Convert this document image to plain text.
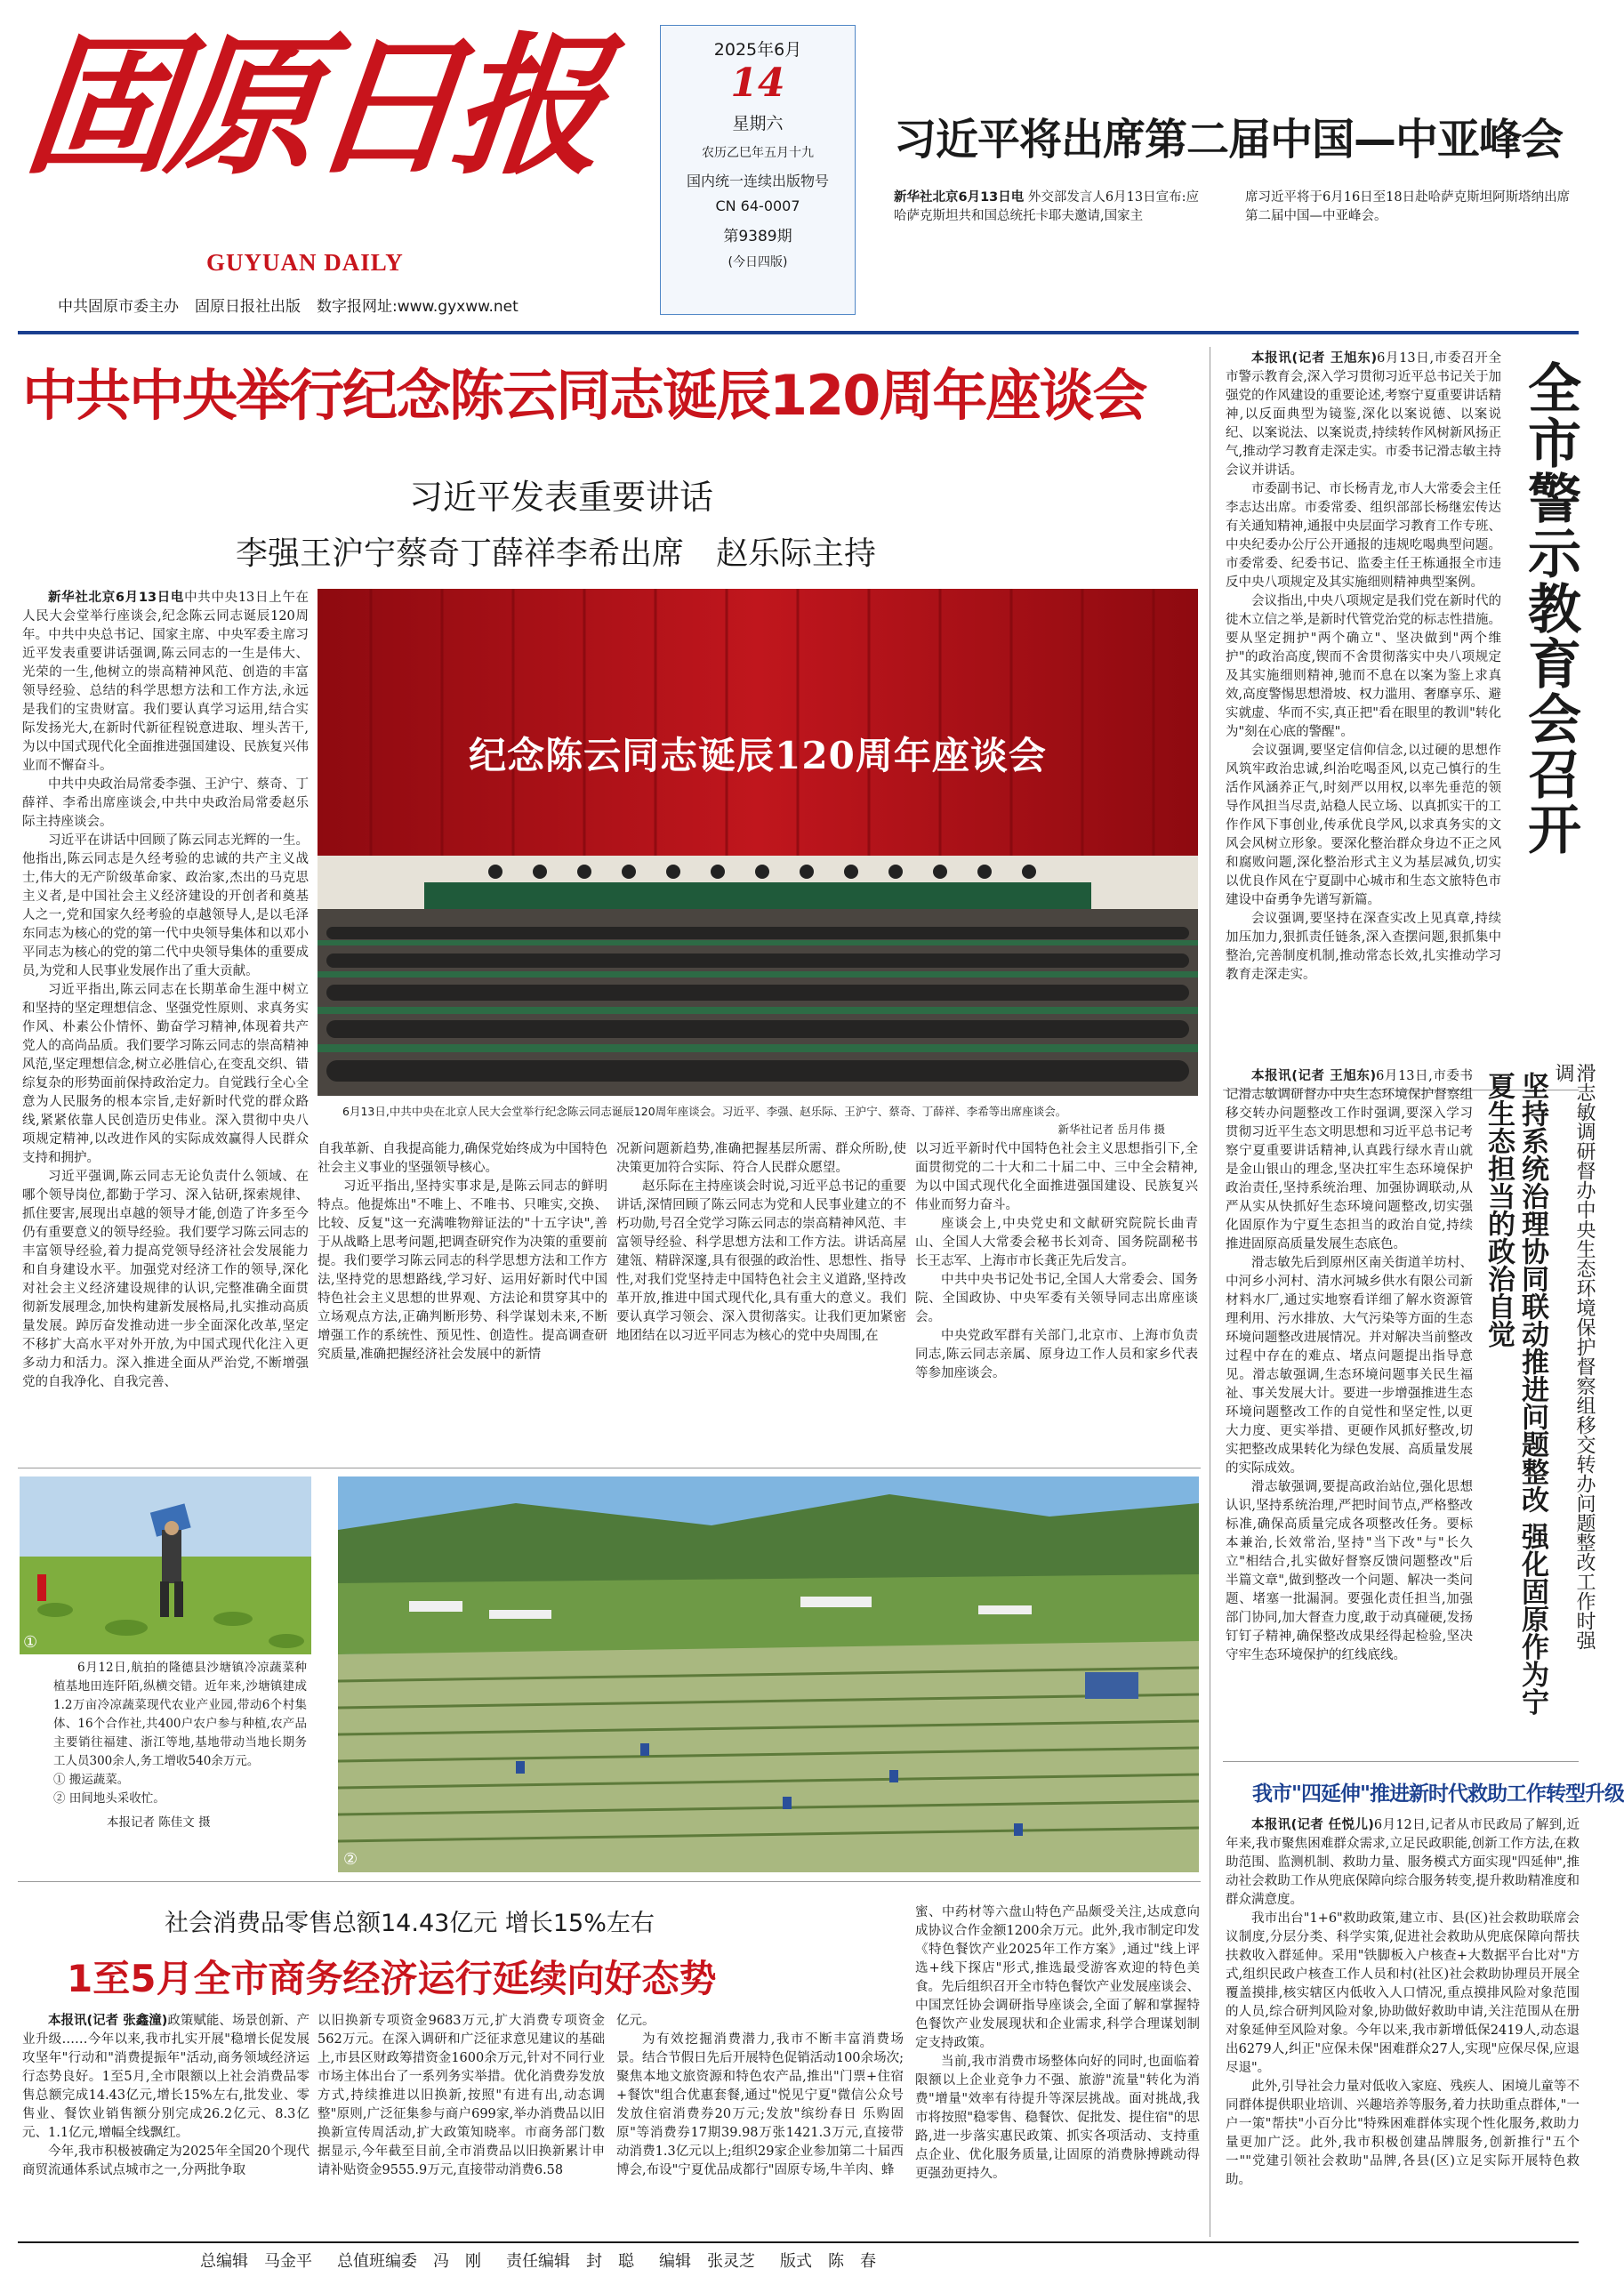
固原日报
GUYUAN DAILY
中共固原市委主办 固原日报社出版 数字报网址:www.gyxww.net
2025年6月
14
星期六
农历乙巳年五月十九
国内统一连续出版物号
CN 64-0007
第9389期
(今日四版)
习近平将出席第二届中国—中亚峰会
新华社北京6月13日电 外交部发言人6月13日宣布:应哈萨克斯坦共和国总统托卡耶夫邀请,国家主
席习近平将于6月16日至18日赴哈萨克斯坦阿斯塔纳出席第二届中国—中亚峰会。
中共中央举行纪念陈云同志诞辰120周年座谈会
习近平发表重要讲话
李强王沪宁蔡奇丁薛祥李希出席　赵乐际主持

新华社北京6月13日电中共中央13日上午在人民大会堂举行座谈会,纪念陈云同志诞辰120周年。中共中央总书记、国家主席、中央军委主席习近平发表重要讲话强调,陈云同志的一生是伟大、光荣的一生,他树立的崇高精神风范、创造的丰富领导经验、总结的科学思想方法和工作方法,永远是我们的宝贵财富。我们要认真学习运用,结合实际发扬光大,在新时代新征程锐意进取、埋头苦干,为以中国式现代化全面推进强国建设、民族复兴伟业而不懈奋斗。

中共中央政治局常委李强、王沪宁、蔡奇、丁薛祥、李希出席座谈会,中共中央政治局常委赵乐际主持座谈会。

习近平在讲话中回顾了陈云同志光辉的一生。他指出,陈云同志是久经考验的忠诚的共产主义战士,伟大的无产阶级革命家、政治家,杰出的马克思主义者,是中国社会主义经济建设的开创者和奠基人之一,党和国家久经考验的卓越领导人,是以毛泽东同志为核心的党的第一代中央领导集体和以邓小平同志为核心的党的第二代中央领导集体的重要成员,为党和人民事业发展作出了重大贡献。

习近平指出,陈云同志在长期革命生涯中树立和坚持的坚定理想信念、坚强党性原则、求真务实作风、朴素公仆情怀、勤奋学习精神,体现着共产党人的高尚品质。我们要学习陈云同志的崇高精神风范,坚定理想信念,树立必胜信心,在变乱交织、错综复杂的形势面前保持政治定力。自觉践行全心全意为人民服务的根本宗旨,走好新时代党的群众路线,紧紧依靠人民创造历史伟业。深入贯彻中央八项规定精神,以改进作风的实际成效赢得人民群众支持和拥护。

习近平强调,陈云同志无论负责什么领域、在哪个领导岗位,都勤于学习、深入钻研,探索规律、抓住要害,展现出卓越的领导才能,创造了许多至今仍有重要意义的领导经验。我们要学习陈云同志的丰富领导经验,着力提高党领导经济社会发展能力和自身建设水平。加强党对经济工作的领导,深化对社会主义经济建设规律的认识,完整准确全面贯彻新发展理念,加快构建新发展格局,扎实推动高质量发展。踔厉奋发推动进一步全面深化改革,坚定不移扩大高水平对外开放,为中国式现代化注入更多动力和活力。深入推进全面从严治党,不断增强党的自我净化、自我完善、

纪念陈云同志诞辰120周年座谈会
6月13日,中共中央在北京人民大会堂举行纪念陈云同志诞辰120周年座谈会。习近平、李强、赵乐际、王沪宁、蔡奇、丁薛祥、李希等出席座谈会。
新华社记者 岳月伟 摄

自我革新、自我提高能力,确保党始终成为中国特色社会主义事业的坚强领导核心。

习近平指出,坚持实事求是,是陈云同志的鲜明特点。他提炼出"不唯上、不唯书、只唯实,交换、比较、反复"这一充满唯物辩证法的"十五字诀",善于从战略上思考问题,把调查研究作为决策的重要前提。我们要学习陈云同志的科学思想方法和工作方法,坚持党的思想路线,学习好、运用好新时代中国特色社会主义思想的世界观、方法论和贯穿其中的立场观点方法,正确判断形势、科学谋划未来,不断增强工作的系统性、预见性、创造性。提高调查研究质量,准确把握经济社会发展中的新情

况新问题新趋势,准确把握基层所需、群众所盼,使决策更加符合实际、符合人民群众愿望。

赵乐际在主持座谈会时说,习近平总书记的重要讲话,深情回顾了陈云同志为党和人民事业建立的不朽功勋,号召全党学习陈云同志的崇高精神风范、丰富领导经验、科学思想方法和工作方法。讲话高屋建瓴、精辟深邃,具有很强的政治性、思想性、指导性,对我们党坚持走中国特色社会主义道路,坚持改革开放,推进中国式现代化,具有重大的意义。我们要认真学习领会、深入贯彻落实。让我们更加紧密地团结在以习近平同志为核心的党中央周围,在

以习近平新时代中国特色社会主义思想指引下,全面贯彻党的二十大和二十届二中、三中全会精神,为以中国式现代化全面推进强国建设、民族复兴伟业而努力奋斗。

座谈会上,中央党史和文献研究院院长曲青山、全国人大常委会秘书长刘奇、国务院副秘书长王志军、上海市市长龚正先后发言。

中共中央书记处书记,全国人大常委会、国务院、全国政协、中央军委有关领导同志出席座谈会。

中央党政军群有关部门,北京市、上海市负责同志,陈云同志亲属、原身边工作人员和家乡代表等参加座谈会。

①

6月12日,航拍的隆德县沙塘镇冷凉蔬菜种植基地田连阡陌,纵横交错。近年来,沙塘镇建成1.2万亩冷凉蔬菜现代农业产业园,带动6个村集体、16个合作社,共400户农户参与种植,农产品主要销往福建、浙江等地,基地带动当地长期务工人员300余人,务工增收540余万元。

① 搬运蔬菜。

② 田间地头采收忙。

本报记者 陈佳文 摄

②
社会消费品零售总额14.43亿元 增长15%左右
1至5月全市商务经济运行延续向好态势

本报讯(记者 张鑫潼)政策赋能、场景创新、产业升级……今年以来,我市扎实开展"稳增长促发展攻坚年"行动和"消费提振年"活动,商务领域经济运行态势良好。1至5月,全市限额以上社会消费品零售总额完成14.43亿元,增长15%左右,批发业、零售业、餐饮业销售额分别完成26.2亿元、8.3亿元、1.1亿元,增幅全线飘红。

今年,我市积极被确定为2025年全国20个现代商贸流通体系试点城市之一,分两批争取

以旧换新专项资金9683万元,扩大消费专项资金562万元。在深入调研和广泛征求意见建议的基础上,市县区财政筹措资金1600余万元,针对不同行业市场主体出台了一系列务实举措。优化消费券发放方式,持续推进以旧换新,按照"有进有出,动态调整"原则,广泛征集参与商户699家,举办消费品以旧换新宣传周活动,扩大政策知晓率。市商务部门数据显示,今年截至目前,全市消费品以旧换新累计申请补贴资金9555.9万元,直接带动消费6.58

亿元。

为有效挖掘消费潜力,我市不断丰富消费场景。结合节假日先后开展特色促销活动100余场次;聚焦本地文旅资源和特色农产品,推出"门票+住宿+餐饮"组合优惠套餐,通过"悦见宁夏"微信公众号发放住宿消费券20万元;发放"缤纷春日 乐购固原"等消费券17期39.98万张1421.3万元,直接带动消费1.3亿元以上;组织29家企业参加第二十届西博会,布设"宁夏优品成都行"固原专场,牛羊肉、蜂

蜜、中药材等六盘山特色产品颇受关注,达成意向成协议合作金额1200余万元。此外,我市制定印发《特色餐饮产业2025年工作方案》,通过"线上评选+线下探店"形式,推选最受游客欢迎的特色美食。先后组织召开全市特色餐饮产业发展座谈会、中国烹饪协会调研指导座谈会,全面了解和掌握特色餐饮产业发展现状和企业需求,科学合理谋划制定支持政策。

当前,我市消费市场整体向好的同时,也面临着限额以上企业竞争力不强、旅游"流量"转化为消费"增量"效率有待提升等深层挑战。面对挑战,我市将按照"稳零售、稳餐饮、促批发、提住宿"的思路,进一步落实惠民政策、抓实各项活动、支持重点企业、优化服务质量,让固原的消费脉搏跳动得更强劲更持久。

本报讯(记者 王旭东)6月13日,市委召开全市警示教育会,深入学习贯彻习近平总书记关于加强党的作风建设的重要论述,考察宁夏重要讲话精神,以反面典型为镜鉴,深化以案说德、以案说纪、以案说法、以案说责,持续转作风树新风扬正气,推动学习教育走深走实。市委书记滑志敏主持会议并讲话。

市委副书记、市长杨青龙,市人大常委会主任李志达出席。市委常委、组织部部长杨继宏传达有关通知精神,通报中央层面学习教育工作专班、中央纪委办公厅公开通报的违规吃喝典型问题。市委常委、纪委书记、监委主任王栋通报全市违反中央八项规定及其实施细则精神典型案例。

会议指出,中央八项规定是我们党在新时代的徙木立信之举,是新时代管党治党的标志性措施。要从坚定拥护"两个确立"、坚决做到"两个维护"的政治高度,锲而不舍贯彻落实中央八项规定及其实施细则精神,驰而不息在以案为鉴上求真效,高度警惕思想滑坡、权力滥用、奢靡享乐、避实就虚、华而不实,真正把"看在眼里的教训"转化为"刻在心底的警醒"。

会议强调,要坚定信仰信念,以过硬的思想作风筑牢政治忠诚,纠治吃喝歪风,以克己慎行的生活作风涵养正气,时刻严以用权,以率先垂范的领导作风担当尽责,站稳人民立场、以真抓实干的工作作风下事创业,传承优良学风,以求真务实的文风会风树立形象。要深化整治群众身边不正之风和腐败问题,深化整治形式主义为基层减负,切实以优良作风在宁夏副中心城市和生态文旅特色市建设中奋勇争先谱写新篇。

会议强调,要坚持在深查实改上见真章,持续加压加力,狠抓责任链条,深入查摆问题,狠抓集中整治,完善制度机制,推动常态长效,扎实推动学习教育走深走实。

全市警示教育会召开

本报讯(记者 王旭东)6月13日,市委书记滑志敏调研督办中央生态环境保护督察组移交转办问题整改工作时强调,要深入学习贯彻习近平生态文明思想和习近平总书记考察宁夏重要讲话精神,认真践行绿水青山就是金山银山的理念,坚决扛牢生态环境保护政治责任,坚持系统治理、加强协调联动,从严从实从快抓好生态环境问题整改,切实强化固原作为宁夏生态担当的政治自觉,持续推进固原高质量发展生态底色。

滑志敏先后到原州区南关街道羊坊村、中河乡小河村、清水河城乡供水有限公司新材料水厂,通过实地察看详细了解水资源管理利用、污水排放、大气污染等方面的生态环境问题整改进展情况。并对解决当前整改过程中存在的难点、堵点问题提出指导意见。滑志敏强调,生态环境问题事关民生福祉、事关发展大计。要进一步增强推进生态环境问题整改工作的自觉性和坚定性,以更大力度、更实举措、更硬作风抓好整改,切实把整改成果转化为绿色发展、高质量发展的实际成效。

滑志敏强调,要提高政治站位,强化思想认识,坚持系统治理,严把时间节点,严格整改标准,确保高质量完成各项整改任务。要标本兼治,长效常治,坚持"当下改"与"长久立"相结合,扎实做好督察反馈问题整改"后半篇文章",做到整改一个问题、解决一类问题、堵塞一批漏洞。要强化责任担当,加强部门协同,加大督查力度,敢于动真碰硬,发扬钉钉子精神,确保整改成果经得起检验,坚决守牢生态环境保护的红线底线。

滑志敏调研督办中央生态环境保护督察组移交转办问题整改工作时强调
坚持系统治理协同联动推进问题整改 强化固原作为宁夏生态担当的政治自觉
我市"四延伸"推进新时代救助工作转型升级

本报讯(记者 任悦儿)6月12日,记者从市民政局了解到,近年来,我市聚焦困难群众需求,立足民政职能,创新工作方法,在救助范围、监测机制、救助力量、服务模式方面实现"四延伸",推动社会救助工作从兜底保障向综合服务转变,提升救助精准度和群众满意度。

我市出台"1+6"救助政策,建立市、县(区)社会救助联席会议制度,分层分类、科学实策,促进社会救助从兜底保障向帮扶扶救收入群延伸。采用"铁脚板入户核查+大数据平台比对"方式,组织民政户核查工作人员和村(社区)社会救助协理员开展全覆盖摸排,核实辖区内低收入人口情况,重点摸排风险对象范围的人员,综合研判风险对象,协助做好救助申请,关注范围从在册对象延伸至风险对象。今年以来,我市新增低保2419人,动态退出6279人,纠正"应保未保"困难群众27人,实现"应保尽保,应退尽退"。

此外,引导社会力量对低收入家庭、残疾人、困境儿童等不同群体提供职业培训、兴趣培养等服务,着力扶助重点群体,"一户一策"帮扶"小百分比"特殊困难群体实现个性化服务,救助力量更加广泛。此外,我市积极创建品牌服务,创新推行"五个一""党建引领社会救助"品牌,各县(区)立足实际开展特色救助。

总编辑　马金平 总值班编委　冯　刚 责任编辑　封　聪 编辑　张灵芝 版式　陈　春
